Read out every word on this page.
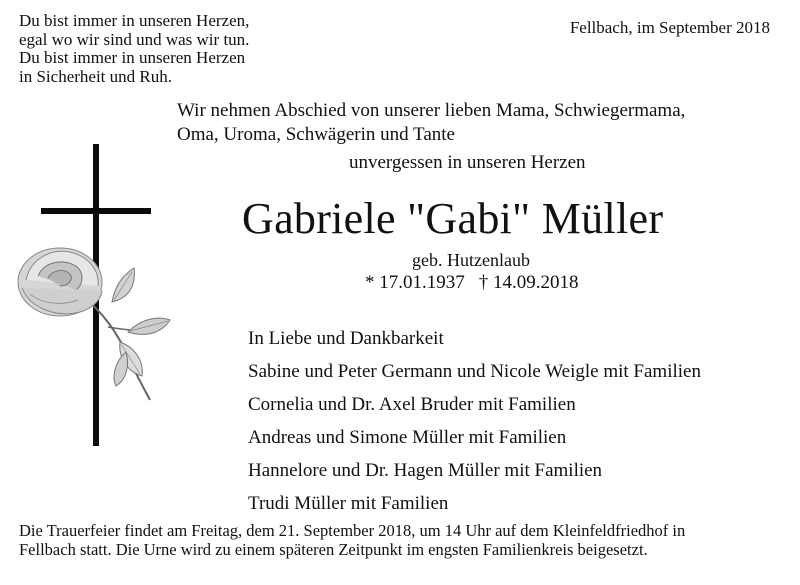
Du bist immer in unseren Herzen,
egal wo wir sind und was wir tun.
Du bist immer in unseren Herzen
in Sicherheit und Ruh.
Fellbach, im September 2018
Wir nehmen Abschied von unserer lieben Mama, Schwiegermama,
Oma, Uroma, Schwägerin und Tante
unvergessen in unseren Herzen
Gabriele "Gabi" Müller
geb. Hutzenlaub
* 17.01.1937 † 14.09.2018
In Liebe und Dankbarkeit
Sabine und Peter Germann und Nicole Weigle mit Familien
Cornelia und Dr. Axel Bruder mit Familien
Andreas und Simone Müller mit Familien
Hannelore und Dr. Hagen Müller mit Familien
Trudi Müller mit Familien
Die Trauerfeier findet am Freitag, dem 21. September 2018, um 14 Uhr auf dem Kleinfeldfriedhof in
Fellbach statt. Die Urne wird zu einem späteren Zeitpunkt im engsten Familienkreis beigesetzt.
